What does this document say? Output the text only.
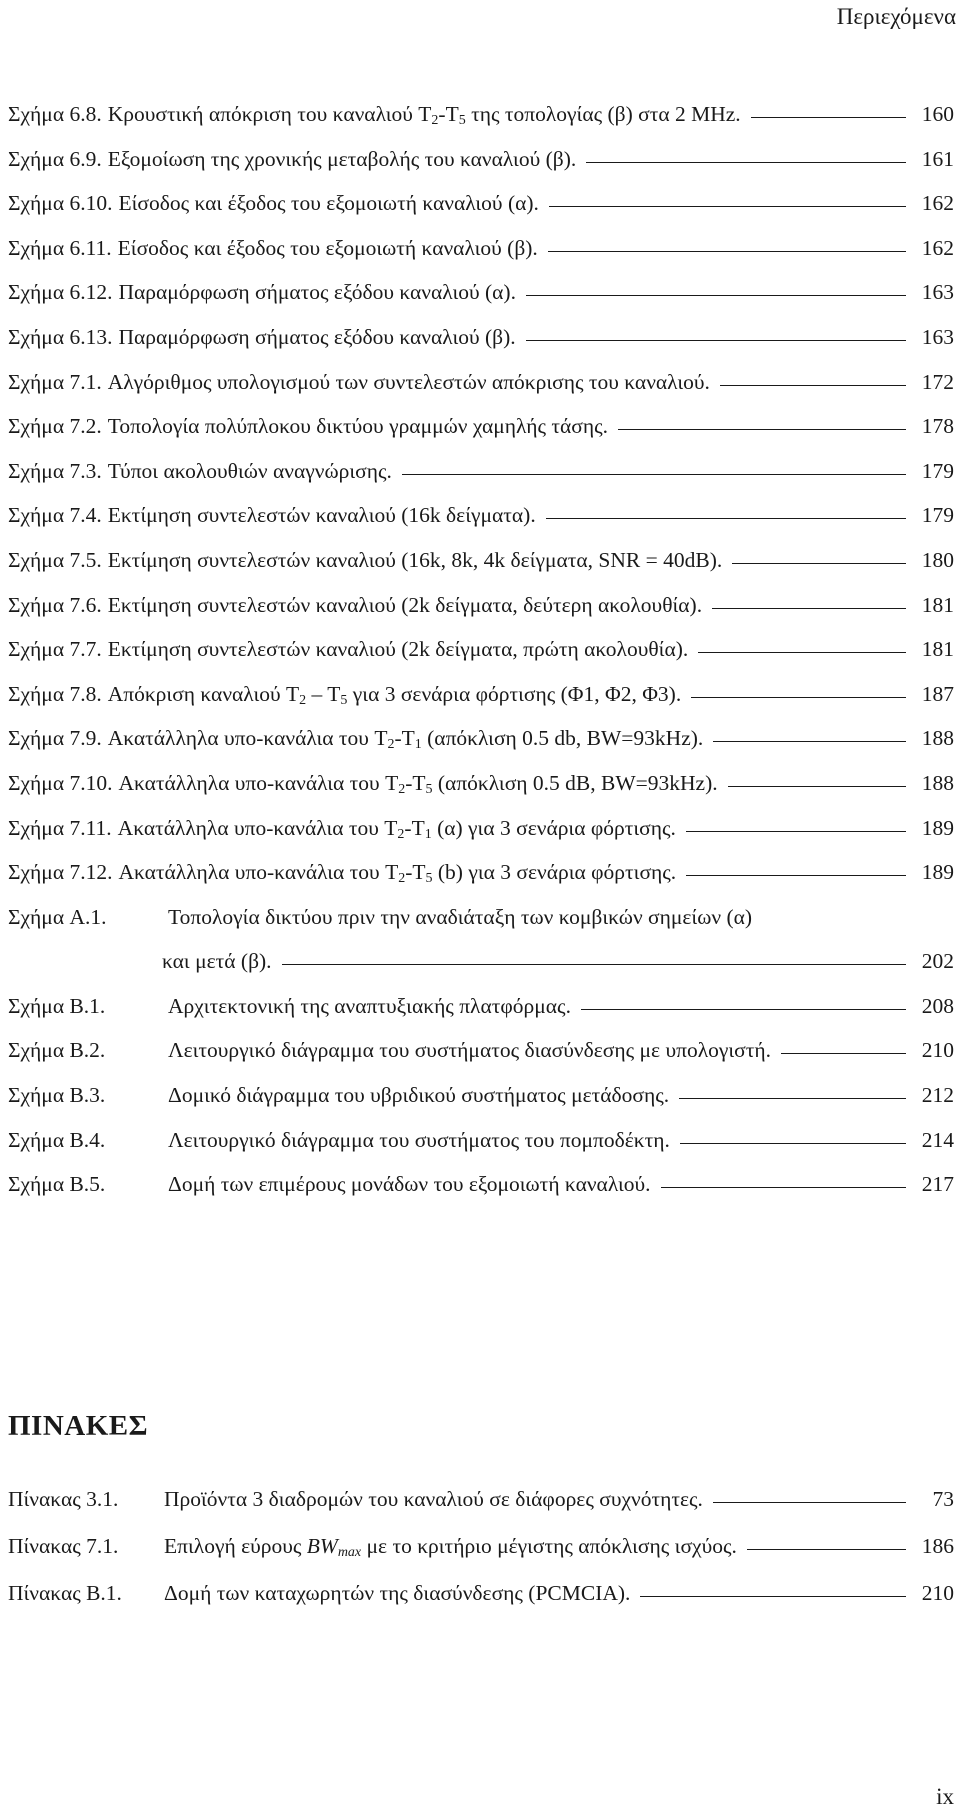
Περιεχόμενα
Σχήμα 6.8. Κρουστική απόκριση του καναλιού $T_2-T_5$ της τοπολογίας (β) στα 2 MHz.	160
Σχήμα 6.9. Εξομοίωση της χρονικής μεταβολής του καναλιού (β).	161
Σχήμα 6.10. Είσοδος και έξοδος του εξομοιωτή καναλιού (α).	162
Σχήμα 6.11. Είσοδος και έξοδος του εξομοιωτή καναλιού (β).	162
Σχήμα 6.12. Παραμόρφωση σήματος εξόδου καναλιού (α).	163
Σχήμα 6.13. Παραμόρφωση σήματος εξόδου καναλιού (β).	163
Σχήμα 7.1. Αλγόριθμος υπολογισμού των συντελεστών απόκρισης του καναλιού.	172
Σχήμα 7.2. Τοπολογία πολύπλοκου δικτύου γραμμών χαμηλής τάσης.	178
Σχήμα 7.3. Τύποι ακολουθιών αναγνώρισης.	179
Σχήμα 7.4. Εκτίμηση συντελεστών καναλιού (16k δείγματα).	179
Σχήμα 7.5. Εκτίμηση συντελεστών καναλιού (16k, 8k, 4k δείγματα, SNR = 40dB).	180
Σχήμα 7.6. Εκτίμηση συντελεστών καναλιού (2k δείγματα, δεύτερη ακολουθία).	181
Σχήμα 7.7. Εκτίμηση συντελεστών καναλιού (2k δείγματα, πρώτη ακολουθία).	181
Σχήμα 7.8. Απόκριση καναλιού $T_2 - T_5$ για 3 σενάρια φόρτισης (Φ1, Φ2, Φ3).	187
Σχήμα 7.9. Ακατάλληλα υπο-κανάλια του $T_2-T_1$ (απόκλιση 0.5 db, BW=93kHz).	188
Σχήμα 7.10. Ακατάλληλα υπο-κανάλια του $T_2-T_5$ (απόκλιση 0.5 dB, BW=93kHz).	188
Σχήμα 7.11. Ακατάλληλα υπο-κανάλια του $T_2-T_1$ (α) για 3 σενάρια φόρτισης.	189
Σχήμα 7.12. Ακατάλληλα υπο-κανάλια του $T_2-T_5$ (b) για 3 σενάρια φόρτισης.	189
Σχήμα A.1.	Τοπολογία δικτύου πριν την αναδιάταξη των κομβικών σημείων (α)
και μετά (β).	202
Σχήμα B.1.	Αρχιτεκτονική της αναπτυξιακής πλατφόρμας.	208
Σχήμα B.2.	Λειτουργικό διάγραμμα του συστήματος διασύνδεσης με υπολογιστή.	210
Σχήμα B.3.	Δομικό διάγραμμα του υβριδικού συστήματος μετάδοσης.	212
Σχήμα B.4.	Λειτουργικό διάγραμμα του συστήματος του πομποδέκτη.	214
Σχήμα B.5.	Δομή των επιμέρους μονάδων του εξομοιωτή καναλιού.	217
ΠΙΝΑΚΕΣ
Πίνακας 3.1.	Προϊόντα 3 διαδρομών του καναλιού σε διάφορες συχνότητες.	73
Πίνακας 7.1.	Επιλογή εύρους $BW_{max}$ με το κριτήριο μέγιστης απόκλισης ισχύος.	186
Πίνακας B.1.	Δομή των καταχωρητών της διασύνδεσης (PCMCIA).	210
ix
